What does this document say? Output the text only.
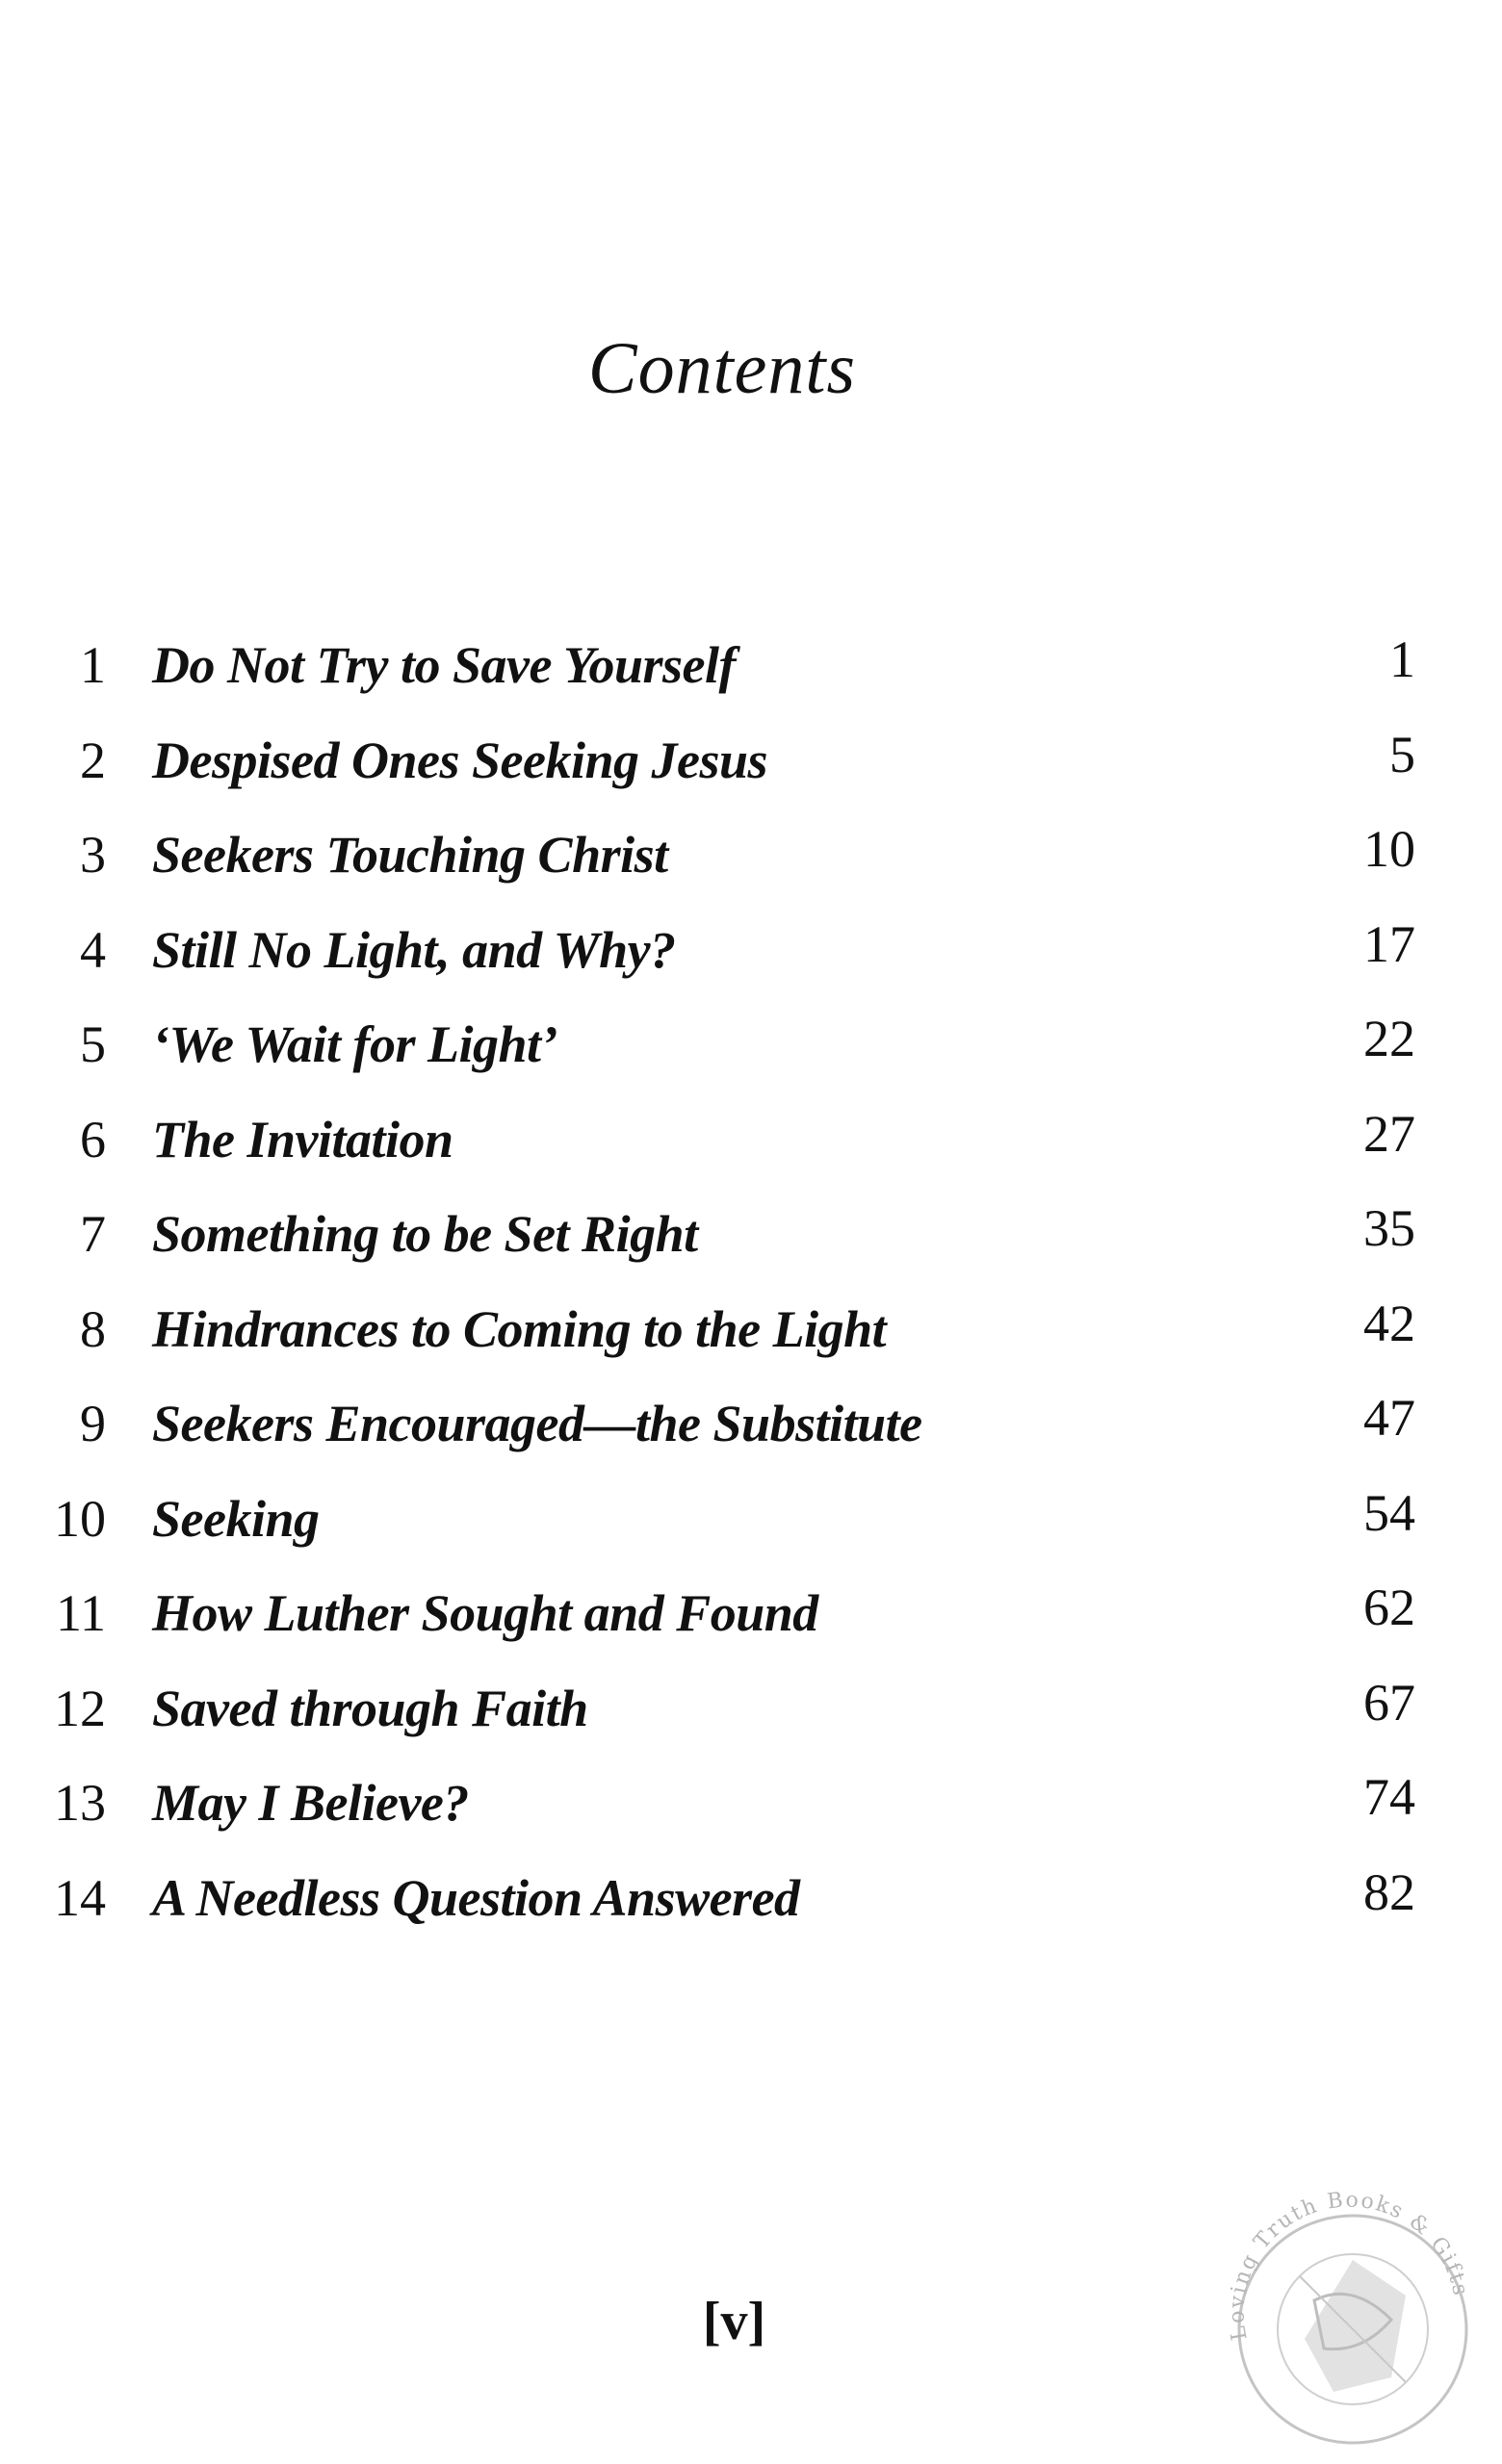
Contents
1 Do Not Try to Save Yourself	1
2 Despised Ones Seeking Jesus	5
3 Seekers Touching Christ	10
4 Still No Light, and Why?	17
5 ‘We Wait for Light’	22
6 The Invitation	27
7 Something to be Set Right	35
8 Hindrances to Coming to the Light	42
9 Seekers Encouraged—the Substitute	47
10 Seeking	54
11 How Luther Sought and Found	62
12 Saved through Faith	67
13 May I Believe?	74
14 A Needless Question Answered	82
[v]	Loving Truth Books & Gifts
